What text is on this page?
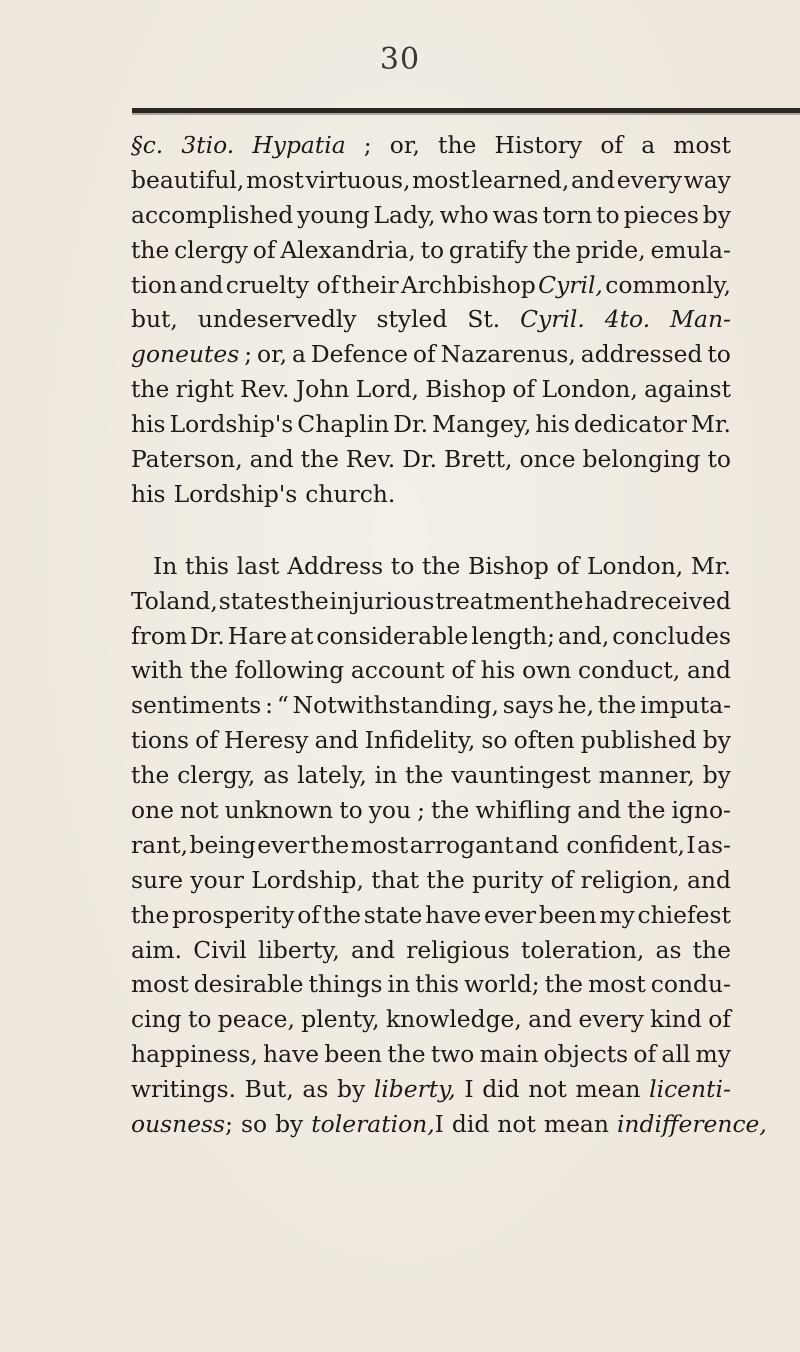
30
§c. 3tio. Hypatia ; or, the History of a most
beautiful, most virtuous, most learned, and every way
accomplished young Lady, who was torn to pieces by
the clergy of Alexandria, to gratify the pride, emula-
tion and cruelty of their Archbishop Cyril, commonly,
but, undeservedly styled St. Cyril. 4to. Man-
goneutes ; or, a Defence of Nazarenus, addressed to
the right Rev. John Lord, Bishop of London, against
his Lordship's Chaplin Dr. Mangey, his dedicator Mr.
Paterson, and the Rev. Dr. Brett, once belonging to
his Lordship's church.
In this last Address to the Bishop of London, Mr.
Toland, states the injurious treatment he had received
from Dr. Hare at considerable length; and, concludes
with the following account of his own conduct, and
sentiments : “ Notwithstanding, says he, the imputa-
tions of Heresy and Infidelity, so often published by
the clergy, as lately, in the vauntingest manner, by
one not unknown to you ; the whifling and the igno-
rant, being ever the most arrogant and confident, I as-
sure your Lordship, that the purity of religion, and
the prosperity of the state have ever been my chiefest
aim. Civil liberty, and religious toleration, as the
most desirable things in this world; the most condu-
cing to peace, plenty, knowledge, and every kind of
happiness, have been the two main objects of all my
writings. But, as by liberty, I did not mean licenti-
ousness ; so by toleration, I did not mean indifference,
